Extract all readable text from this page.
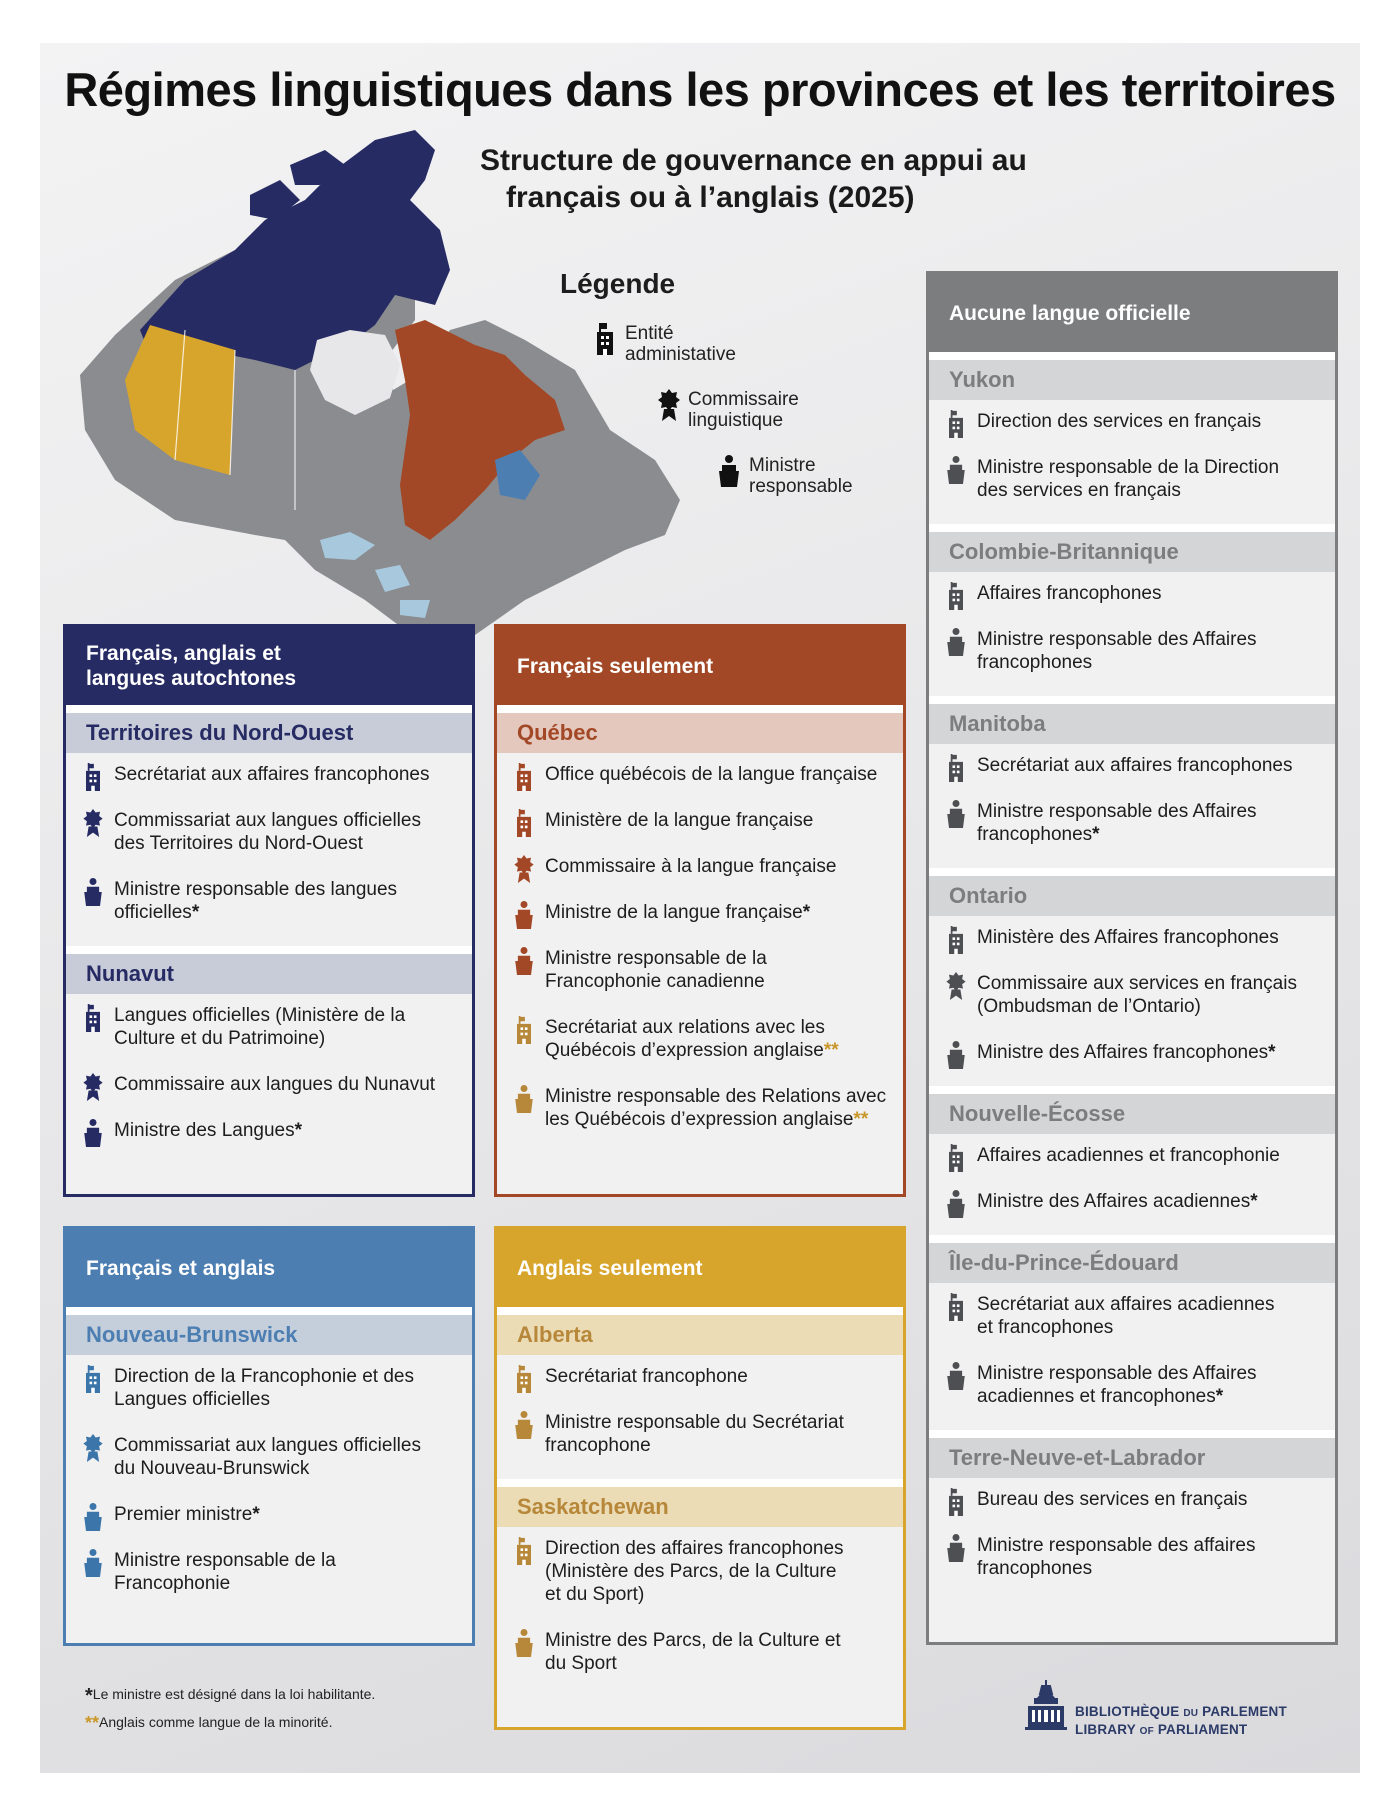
Régimes linguistiques dans les provinces et les territoires
Structure de gouvernance en appui au
français ou à l’anglais (2025)
Légende
Entité
administative
Commissaire
linguistique
Ministre
responsable
Français, anglais et
langues autochtones
Territoires du Nord-Ouest
Secrétariat aux affaires francophones
Commissariat aux langues officielles
des Territoires du Nord-Ouest
Ministre responsable des langues
officielles*
Nunavut
Langues officielles (Ministère de la
Culture et du Patrimoine)
Commissaire aux langues du Nunavut
Ministre des Langues*
Français seulement
Québec
Office québécois de la langue française
Ministère de la langue française
Commissaire à la langue française
Ministre de la langue française*
Ministre responsable de la
Francophonie canadienne
Secrétariat aux relations avec les
Québécois d’expression anglaise**
Ministre responsable des Relations avec
les Québécois d’expression anglaise**
Français et anglais
Nouveau-Brunswick
Direction de la Francophonie et des
Langues officielles
Commissariat aux langues officielles
du Nouveau-Brunswick
Premier ministre*
Ministre responsable de la
Francophonie
Anglais seulement
Alberta
Secrétariat francophone
Ministre responsable du Secrétariat
francophone
Saskatchewan
Direction des affaires francophones
(Ministère des Parcs, de la Culture
et du Sport)
Ministre des Parcs, de la Culture et
du Sport
Aucune langue officielle
Yukon
Direction des services en français
Ministre responsable de la Direction
des services en français
Colombie-Britannique
Affaires francophones
Ministre responsable des Affaires
francophones
Manitoba
Secrétariat aux affaires francophones
Ministre responsable des Affaires
francophones*
Ontario
Ministère des Affaires francophones
Commissaire aux services en français
(Ombudsman de l’Ontario)
Ministre des Affaires francophones*
Nouvelle-Écosse
Affaires acadiennes et francophonie
Ministre des Affaires acadiennes*
Île-du-Prince-Édouard
Secrétariat aux affaires acadiennes
et francophones
Ministre responsable des Affaires
acadiennes et francophones*
Terre-Neuve-et-Labrador
Bureau des services en français
Ministre responsable des affaires
francophones
*Le ministre est désigné dans la loi habilitante.
**Anglais comme langue de la minorité.
BIBLIOTHÈQUE DU PARLEMENT
LIBRARY OF PARLIAMENT
